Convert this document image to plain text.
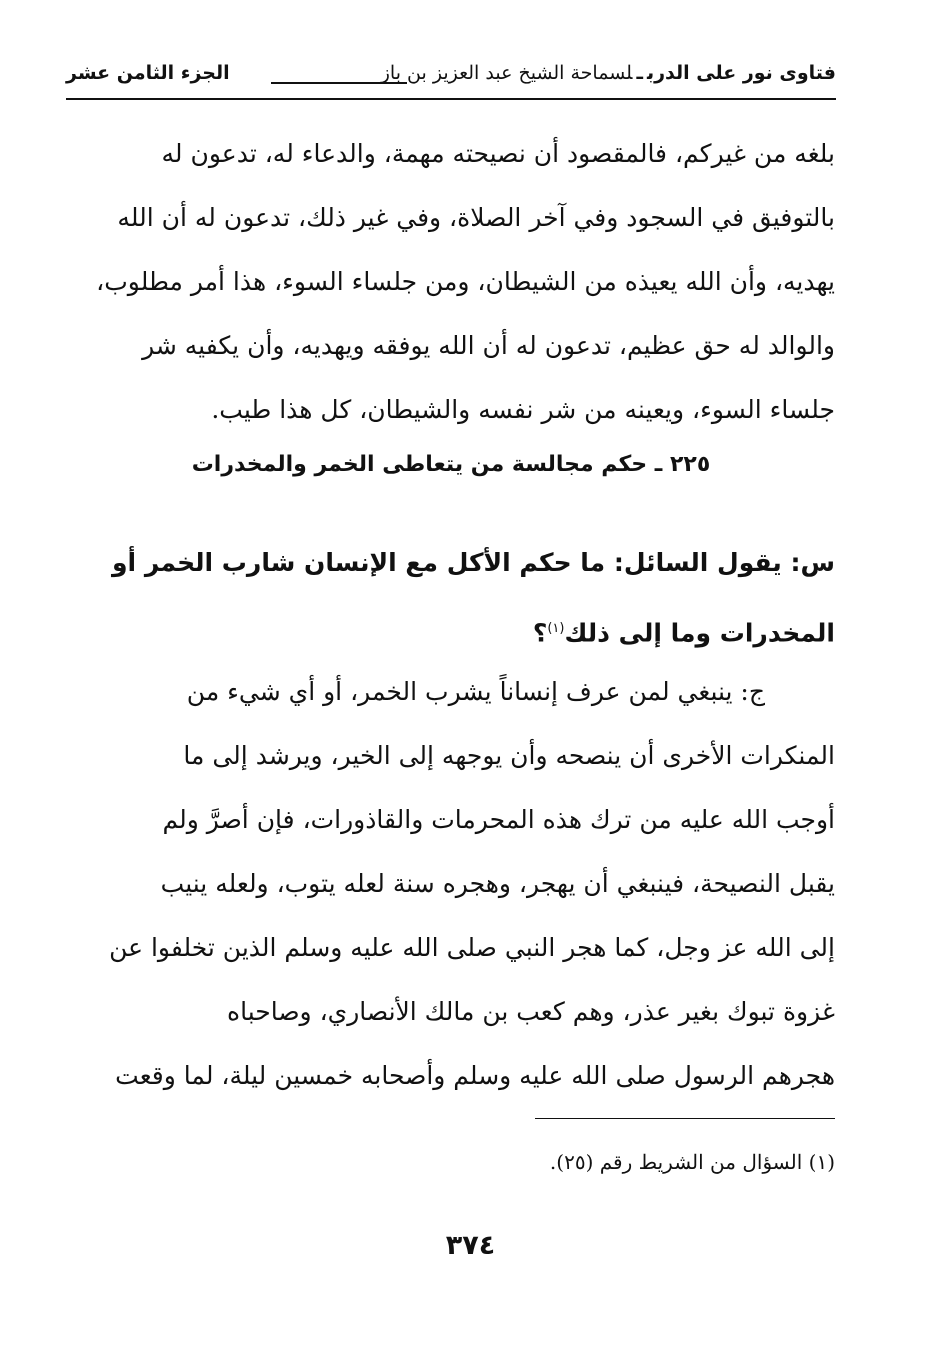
فتاوى نور على الدربـلسماحة الشيخ عبد العزيز بن باز
الجزء الثامن عشر
بلغه من غيركم، فالمقصود أن نصيحته مهمة، والدعاء له، تدعون له
بالتوفيق في السجود وفي آخر الصلاة، وفي غير ذلك، تدعون له أن الله
يهديه، وأن الله يعيذه من الشيطان، ومن جلساء السوء، هذا أمر مطلوب،
والوالد له حق عظيم، تدعون له أن الله يوفقه ويهديه، وأن يكفيه شر
جلساء السوء، ويعينه من شر نفسه والشيطان، كل هذا طيب.
٢٢٥ ـ حكم مجالسة من يتعاطى الخمر والمخدرات
س: يقول السائل: ما حكم الأكل مع الإنسان شارب الخمر أو
المخدرات وما إلى ذلك$^{(١)}$؟
ج: ينبغي لمن عرف إنساناً يشرب الخمر، أو أي شيء من
المنكرات الأخرى أن ينصحه وأن يوجهه إلى الخير، ويرشد إلى ما
أوجب الله عليه من ترك هذه المحرمات والقاذورات، فإن أصرَّ ولم
يقبل النصيحة، فينبغي أن يهجر، وهجره سنة لعله يتوب، ولعله ينيب
إلى الله عز وجل، كما هجر النبي صلى الله عليه وسلم الذين تخلفوا عن
غزوة تبوك بغير عذر، وهم كعب بن مالك الأنصاري، وصاحباه
هجرهم الرسول صلى الله عليه وسلم وأصحابه خمسين ليلة، لما وقعت
(١) السؤال من الشريط رقم (٢٥).
٣٧٤
